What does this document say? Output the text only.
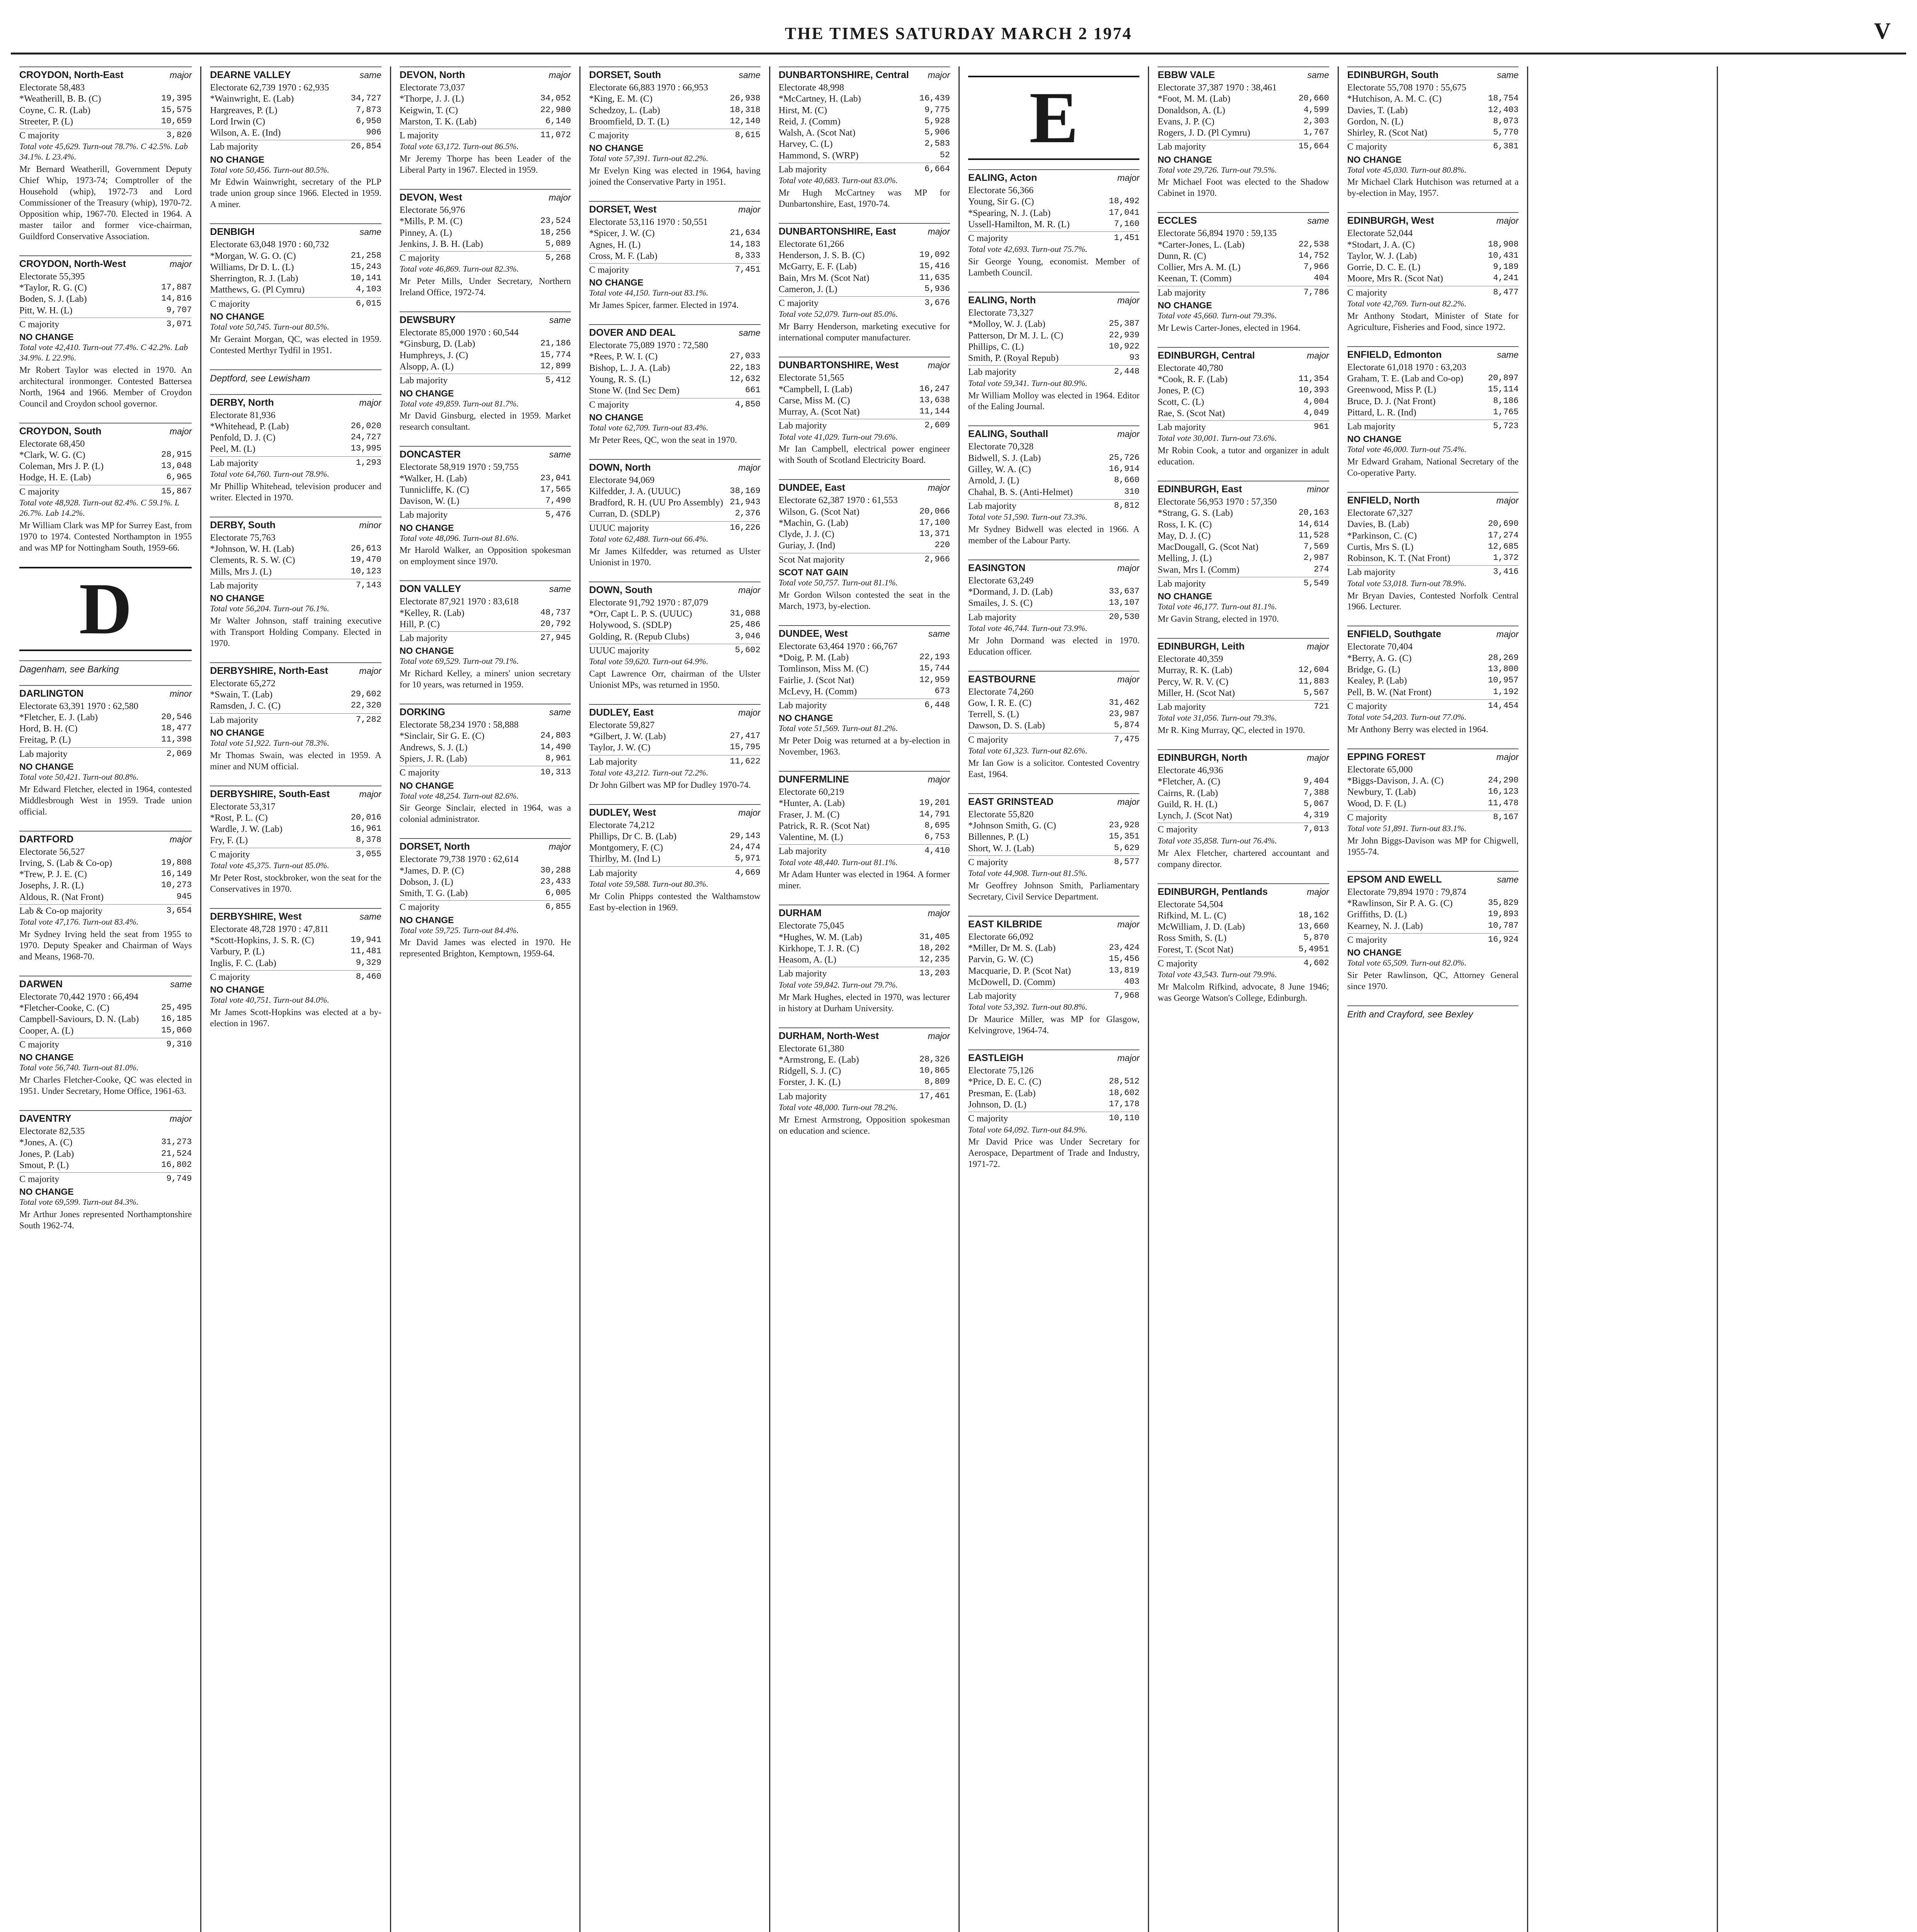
THE TIMES SATURDAY MARCH 2 1974	V
CROYDON, North-East	major
Electorate 58,483
*Weatherill, B. B. (C)	19,395
Coyne, C. R. (Lab)	15,575
Streeter, P. (L)	10,659
C majority	3,820
Total vote 45,629. Turn-out 78.7%. C 42.5%. Lab 34.1%. L 23.4%.
Mr Bernard Weatherill, Government Deputy Chief Whip, 1973-74; Comptroller of the Household (whip), 1972-73 and Lord Commissioner of the Treasury (whip), 1970-72. Opposition whip, 1967-70. Elected in 1964. A master tailor and former vice-chairman, Guildford Conservative Association.
CROYDON, North-West	major
Electorate 55,395
*Taylor, R. G. (C)	17,887
Boden, S. J. (Lab)	14,816
Pitt, W. H. (L)	9,707
C majority	3,071
NO CHANGE
Total vote 42,410. Turn-out 77.4%. C 42.2%. Lab 34.9%. L 22.9%.
Mr Robert Taylor was elected in 1970. An architectural ironmonger. Contested Battersea North, 1964 and 1966. Member of Croydon Council and Croydon school governor.
CROYDON, South	major
Electorate 68,450
*Clark, W. G. (C)	28,915
Coleman, Mrs J. P. (L)	13,048
Hodge, H. E. (Lab)	6,965
C majority	15,867
Total vote 48,928. Turn-out 82.4%. C 59.1%. L 26.7%. Lab 14.2%.
Mr William Clark was MP for Surrey East, from 1970 to 1974. Contested Northampton in 1955 and was MP for Nottingham South, 1959-66.
D
Dagenham, see Barking
DARLINGTON	minor
Electorate 63,391 1970 : 62,580
*Fletcher, E. J. (Lab)	20,546
Hord, B. H. (C)	18,477
Freitag, P. (L)	11,398
Lab majority	2,069
NO CHANGE
Total vote 50,421. Turn-out 80.8%.
Mr Edward Fletcher, elected in 1964, contested Middlesbrough West in 1959. Trade union official.
DARTFORD	major
Electorate 56,527
Irving, S. (Lab & Co-op)	19,808
*Trew, P. J. E. (C)	16,149
Josephs, J. R. (L)	10,273
Aldous, R. (Nat Front)	945
Lab & Co-op majority	3,654
Total vote 47,176. Turn-out 83.4%.
Mr Sydney Irving held the seat from 1955 to 1970. Deputy Speaker and Chairman of Ways and Means, 1968-70.
DARWEN	same
Electorate 70,442 1970 : 66,494
*Fletcher-Cooke, C. (C)	25,495
Campbell-Saviours, D. N. (Lab)	16,185
Cooper, A. (L)	15,060
C majority	9,310
NO CHANGE
Total vote 56,740. Turn-out 81.0%.
Mr Charles Fletcher-Cooke, QC was elected in 1951. Under Secretary, Home Office, 1961-63.
DAVENTRY	major
Electorate 82,535
*Jones, A. (C)	31,273
Jones, P. (Lab)	21,524
Smout, P. (L)	16,802
C majority	9,749
NO CHANGE
Total vote 69,599. Turn-out 84.3%.
Mr Arthur Jones represented Northamptonshire South 1962-74.
DEARNE VALLEY	same
Electorate 62,739 1970 : 62,935
*Wainwright, E. (Lab)	34,727
Hargreaves, P. (L)	7,873
Lord Irwin (C)	6,950
Wilson, A. E. (Ind)	906
Lab majority	26,854
NO CHANGE
Total vote 50,456. Turn-out 80.5%.
Mr Edwin Wainwright, secretary of the PLP trade union group since 1966. Elected in 1959. A miner.
DENBIGH	same
Electorate 63,048 1970 : 60,732
*Morgan, W. G. O. (C)	21,258
Williams, Dr D. L. (L)	15,243
Sherrington, R. J. (Lab)	10,141
Matthews, G. (Pl Cymru)	4,103
C majority	6,015
NO CHANGE
Total vote 50,745. Turn-out 80.5%.
Mr Geraint Morgan, QC, was elected in 1959. Contested Merthyr Tydfil in 1951.
Deptford, see Lewisham
DERBY, North	major
Electorate 81,936
*Whitehead, P. (Lab)	26,020
Penfold, D. J. (C)	24,727
Peel, M. (L)	13,995
Lab majority	1,293
Total vote 64,760. Turn-out 78.9%.
Mr Phillip Whitehead, television producer and writer. Elected in 1970.
DERBY, South	minor
Electorate 75,763
*Johnson, W. H. (Lab)	26,613
Clements, R. S. W. (C)	19,470
Mills, Mrs J. (L)	10,123
Lab majority	7,143
NO CHANGE
Total vote 56,204. Turn-out 76.1%.
Mr Walter Johnson, staff training executive with Transport Holding Company. Elected in 1970.
DERBYSHIRE, North-East	major
Electorate 65,272
*Swain, T. (Lab)	29,602
Ramsden, J. C. (C)	22,320
Lab majority	7,282
NO CHANGE
Total vote 51,922. Turn-out 78.3%.
Mr Thomas Swain, was elected in 1959. A miner and NUM official.
DERBYSHIRE, South-East	major
Electorate 53,317
*Rost, P. L. (C)	20,016
Wardle, J. W. (Lab)	16,961
Fry, F. (L)	8,378
C majority	3,055
Total vote 45,375. Turn-out 85.0%.
Mr Peter Rost, stockbroker, won the seat for the Conservatives in 1970.
DERBYSHIRE, West	same
Electorate 48,728 1970 : 47,811
*Scott-Hopkins, J. S. R. (C)	19,941
Varbury, P. (L)	11,481
Inglis, F. C. (Lab)	9,329
C majority	8,460
NO CHANGE
Total vote 40,751. Turn-out 84.0%.
Mr James Scott-Hopkins was elected at a by-election in 1967.
DEVON, North	major
Electorate 73,037
*Thorpe, J. J. (L)	34,052
Keigwin, T. (C)	22,980
Marston, T. K. (Lab)	6,140
L majority	11,072
Total vote 63,172. Turn-out 86.5%.
Mr Jeremy Thorpe has been Leader of the Liberal Party in 1967. Elected in 1959.
DEVON, West	major
Electorate 56,976
*Mills, P. M. (C)	23,524
Pinney, A. (L)	18,256
Jenkins, J. B. H. (Lab)	5,089
C majority	5,268
Total vote 46,869. Turn-out 82.3%.
Mr Peter Mills, Under Secretary, Northern Ireland Office, 1972-74.
DEWSBURY	same
Electorate 85,000 1970 : 60,544
*Ginsburg, D. (Lab)	21,186
Humphreys, J. (C)	15,774
Alsopp, A. (L)	12,899
Lab majority	5,412
NO CHANGE
Total vote 49,859. Turn-out 81.7%.
Mr David Ginsburg, elected in 1959. Market research consultant.
DONCASTER	same
Electorate 58,919 1970 : 59,755
*Walker, H. (Lab)	23,041
Tunnicliffe, K. (C)	17,565
Davison, W. (L)	7,490
Lab majority	5,476
NO CHANGE
Total vote 48,096. Turn-out 81.6%.
Mr Harold Walker, an Opposition spokesman on employment since 1970.
DON VALLEY	same
Electorate 87,921 1970 : 83,618
*Kelley, R. (Lab)	48,737
Hill, P. (C)	20,792
Lab majority	27,945
NO CHANGE
Total vote 69,529. Turn-out 79.1%.
Mr Richard Kelley, a miners' union secretary for 10 years, was returned in 1959.
DORKING	same
Electorate 58,234 1970 : 58,888
*Sinclair, Sir G. E. (C)	24,803
Andrews, S. J. (L)	14,490
Spiers, J. R. (Lab)	8,961
C majority	10,313
NO CHANGE
Total vote 48,254. Turn-out 82.6%.
Sir George Sinclair, elected in 1964, was a colonial administrator.
DORSET, North	major
Electorate 79,738 1970 : 62,614
*James, D. P. (C)	30,288
Dobson, J. (L)	23,433
Smith, T. G. (Lab)	6,005
C majority	6,855
NO CHANGE
Total vote 59,725. Turn-out 84.4%.
Mr David James was elected in 1970. He represented Brighton, Kemptown, 1959-64.
DORSET, South	same
Electorate 66,883 1970 : 66,953
*King, E. M. (C)	26,938
Schedzoy, L. (Lab)	18,318
Broomfield, D. T. (L)	12,140
C majority	8,615
NO CHANGE
Total vote 57,391. Turn-out 82.2%.
Mr Evelyn King was elected in 1964, having joined the Conservative Party in 1951.
DORSET, West	major
Electorate 53,116 1970 : 50,551
*Spicer, J. W. (C)	21,634
Agnes, H. (L)	14,183
Cross, M. F. (Lab)	8,333
C majority	7,451
NO CHANGE
Total vote 44,150. Turn-out 83.1%.
Mr James Spicer, farmer. Elected in 1974.
DOVER AND DEAL	same
Electorate 75,089 1970 : 72,580
*Rees, P. W. I. (C)	27,033
Bishop, L. J. A. (Lab)	22,183
Young, R. S. (L)	12,632
Stone W. (Ind Sec Dem)	661
C majority	4,850
NO CHANGE
Total vote 62,709. Turn-out 83.4%.
Mr Peter Rees, QC, won the seat in 1970.
DOWN, North	major
Electorate 94,069
Kilfedder, J. A. (UUUC)	38,169
Bradford, R. H. (UU Pro Assembly) 21,943
Curran, D. (SDLP)	2,376
UUUC majority	16,226
Total vote 62,488. Turn-out 66.4%.
Mr James Kilfedder, was returned as Ulster Unionist in 1970.
DOWN, South	major
Electorate 91,792 1970 : 87,079
*Orr, Capt L. P. S. (UUUC)	31,088
Holywood, S. (SDLP)	25,486
Golding, R. (Repub Clubs)	3,046
UUUC majority	5,602
Total vote 59,620. Turn-out 64.9%.
Capt Lawrence Orr, chairman of the Ulster Unionist MPs, was returned in 1950.
DUDLEY, East	major
Electorate 59,827
*Gilbert, J. W. (Lab)	27,417
Taylor, J. W. (C)	15,795
Lab majority	11,622
Total vote 43,212. Turn-out 72.2%.
Dr John Gilbert was MP for Dudley 1970-74.
DUDLEY, West	major
Electorate 74,212
Phillips, Dr C. B. (Lab)	29,143
Montgomery, F. (C)	24,474
Thirlby, M. (Ind L)	5,971
Lab majority	4,669
Total vote 59,588. Turn-out 80.3%.
Mr Colin Phipps contested the Walthamstow East by-election in 1969.
DUNBARTONSHIRE, Central major
Electorate 48,998
*McCartney, H. (Lab)	16,439
Hirst, M. (C)	9,775
Reid, J. (Comm)	5,928
Walsh, A. (Scot Nat)	5,906
Harvey, C. (L)	2,583
Hammond, S. (WRP)	52
Lab majority	6,664
Total vote 40,683. Turn-out 83.0%.
Mr Hugh McCartney was MP for Dunbartonshire, East, 1970-74.
DUNBARTONSHIRE, East	major
Electorate 61,266
Henderson, J. S. B. (C)	19,092
McGarry, E. F. (Lab)	15,416
Bain, Mrs M. (Scot Nat)	11,635
Cameron, J. (L)	5,936
C majority	3,676
Total vote 52,079. Turn-out 85.0%.
Mr Barry Henderson, marketing executive for international computer manufacturer.
DUNBARTONSHIRE, West	major
Electorate 51,565
*Campbell, I. (Lab)	16,247
Carse, Miss M. (C)	13,638
Murray, A. (Scot Nat)	11,144
Lab majority	2,609
Total vote 41,029. Turn-out 79.6%.
Mr Ian Campbell, electrical power engineer with South of Scotland Electricity Board.
DUNDEE, East	major
Electorate 62,387 1970 : 61,553
Wilson, G. (Scot Nat)	20,066
*Machin, G. (Lab)	17,100
Clyde, J. J. (C)	13,371
Guriay, J. (Ind)	220
Scot Nat majority	2,966
SCOT NAT GAIN
Total vote 50,757. Turn-out 81.1%.
Mr Gordon Wilson contested the seat in the March, 1973, by-election.
DUNDEE, West	same
Electorate 63,464 1970 : 66,767
*Doig, P. M. (Lab)	22,193
Tomlinson, Miss M. (C)	15,744
Fairlie, J. (Scot Nat)	12,959
McLevy, H. (Comm)	673
Lab majority	6,448
NO CHANGE
Total vote 51,569. Turn-out 81.2%.
Mr Peter Doig was returned at a by-election in November, 1963.
DUNFERMLINE	major
Electorate 60,219
*Hunter, A. (Lab)	19,201
Fraser, J. M. (C)	14,791
Patrick, R. R. (Scot Nat)	8,695
Valentine, M. (L)	6,753
Lab majority	4,410
Total vote 48,440. Turn-out 81.1%.
Mr Adam Hunter was elected in 1964. A former miner.
DURHAM	major
Electorate 75,045
*Hughes, W. M. (Lab)	31,405
Kirkhope, T. J. R. (C)	18,202
Heasom, A. (L)	12,235
Lab majority	13,203
Total vote 59,842. Turn-out 79.7%.
Mr Mark Hughes, elected in 1970, was lecturer in history at Durham University.
DURHAM, North-West	major
Electorate 61,380
*Armstrong, E. (Lab)	28,326
Ridgell, S. J. (C)	10,865
Forster, J. K. (L)	8,809
Lab majority	17,461
Total vote 48,000. Turn-out 78.2%.
Mr Ernest Armstrong, Opposition spokesman on education and science.
E
EALING, Acton	major
Electorate 56,366
Young, Sir G. (C)	18,492
*Spearing, N. J. (Lab)	17,041
Ussell-Hamilton, M. R. (L)	7,160
C majority	1,451
Total vote 42,693. Turn-out 75.7%.
Sir George Young, economist. Member of Lambeth Council.
EALING, North	major
Electorate 73,327
*Molloy, W. J. (Lab)	25,387
Patterson, Dr M. J. L. (C)	22,939
Phillips, C. (L)	10,922
Smith, P. (Royal Repub)	93
Lab majority	2,448
Total vote 59,341. Turn-out 80.9%.
Mr William Molloy was elected in 1964. Editor of the Ealing Journal.
EALING, Southall	major
Electorate 70,328
Bidwell, S. J. (Lab)	25,726
Gilley, W. A. (C)	16,914
Arnold, J. (L)	8,660
Chahal, B. S. (Anti-Helmet)	310
Lab majority	8,812
Total vote 51,590. Turn-out 73.3%.
Mr Sydney Bidwell was elected in 1966. A member of the Labour Party.
EASINGTON	major
Electorate 63,249
*Dormand, J. D. (Lab)	33,637
Smailes, J. S. (C)	13,107
Lab majority	20,530
Total vote 46,744. Turn-out 73.9%.
Mr John Dormand was elected in 1970. Education officer.
EASTBOURNE	major
Electorate 74,260
Gow, I. R. E. (C)	31,462
Terrell, S. (L)	23,987
Dawson, D. S. (Lab)	5,874
C majority	7,475
Total vote 61,323. Turn-out 82.6%.
Mr Ian Gow is a solicitor. Contested Coventry East, 1964.
EAST GRINSTEAD	major
Electorate 55,820
*Johnson Smith, G. (C)	23,928
Billennes, P. (L)	15,351
Short, W. J. (Lab)	5,629
C majority	8,577
Total vote 44,908. Turn-out 81.5%.
Mr Geoffrey Johnson Smith, Parliamentary Secretary, Civil Service Department.
EAST KILBRIDE	major
Electorate 66,092
*Miller, Dr M. S. (Lab)	23,424
Parvin, G. W. (C)	15,456
Macquarie, D. P. (Scot Nat)	13,819
McDowell, D. (Comm)	403
Lab majority	7,968
Total vote 53,392. Turn-out 80.8%.
Dr Maurice Miller, was MP for Glasgow, Kelvingrove, 1964-74.
EASTLEIGH	major
Electorate 75,126
*Price, D. E. C. (C)	28,512
Presman, E. (Lab)	18,602
Johnson, D. (L)	17,178
C majority	10,110
Total vote 64,092. Turn-out 84.9%.
Mr David Price was Under Secretary for Aerospace, Department of Trade and Industry, 1971-72.
EBBW VALE	same
Electorate 37,387 1970 : 38,461
*Foot, M. M. (Lab)	20,660
Donaldson, A. (L)	4,599
Evans, J. P. (C)	2,303
Rogers, J. D. (Pl Cymru)	1,767
Lab majority	15,664
NO CHANGE
Total vote 29,726. Turn-out 79.5%.
Mr Michael Foot was elected to the Shadow Cabinet in 1970.
ECCLES	same
Electorate 56,894 1970 : 59,135
*Carter-Jones, L. (Lab)	22,538
Dunn, R. (C)	14,752
Collier, Mrs A. M. (L)	7,966
Keenan, T. (Comm)	404
Lab majority	7,786
NO CHANGE
Total vote 45,660. Turn-out 79.3%.
Mr Lewis Carter-Jones, elected in 1964.
EDINBURGH, Central	major
Electorate 40,780
*Cook, R. F. (Lab)	11,354
Jones, P. (C)	10,393
Scott, C. (L)	4,004
Rae, S. (Scot Nat)	4,049
Lab majority	961
Total vote 30,001. Turn-out 73.6%.
Mr Robin Cook, a tutor and organizer in adult education.
EDINBURGH, East	minor
Electorate 56,953 1970 : 57,350
*Strang, G. S. (Lab)	20,163
Ross, I. K. (C)	14,614
May, D. J. (C)	11,528
MacDougall, G. (Scot Nat)	7,569
Melling, J. (L)	2,987
Swan, Mrs I. (Comm)	274
Lab majority	5,549
NO CHANGE
Total vote 46,177. Turn-out 81.1%.
Mr Gavin Strang, elected in 1970.
EDINBURGH, Leith	major
Electorate 40,359
Murray, R. K. (Lab)	12,604
Percy, W. R. V. (C)	11,883
Miller, H. (Scot Nat)	5,567
Lab majority	721
Total vote 31,056. Turn-out 79.3%.
Mr R. King Murray, QC, elected in 1970.
EDINBURGH, North	major
Electorate 46,936
*Fletcher, A. (C)	9,404
Cairns, R. (Lab)	7,388
Guild, R. H. (L)	5,067
Lynch, J. (Scot Nat)	4,319
C majority	7,013
Total vote 35,858. Turn-out 76.4%.
Mr Alex Fletcher, chartered accountant and company director.
EDINBURGH, Pentlands	major
Electorate 54,504
Rifkind, M. L. (C)	18,162
McWilliam, J. D. (Lab)	13,660
Ross Smith, S. (L)	5,870
Forest, T. (Scot Nat)	5,4951
C majority	4,602
Total vote 43,543. Turn-out 79.9%.
Mr Malcolm Rifkind, advocate, 8 June 1946; was George Watson's College, Edinburgh.
EDINBURGH, South	same
Electorate 55,708 1970 : 55,675
*Hutchison, A. M. C. (C)	18,754
Davies, T. (Lab)	12,403
Gordon, N. (L)	8,073
Shirley, R. (Scot Nat)	5,770
C majority	6,381
NO CHANGE
Total vote 45,030. Turn-out 80.8%.
Mr Michael Clark Hutchison was returned at a by-election in May, 1957.
EDINBURGH, West	major
Electorate 52,044
*Stodart, J. A. (C)	18,908
Taylor, W. J. (Lab)	10,431
Gorrie, D. C. E. (L)	9,189
Moore, Mrs R. (Scot Nat)	4,241
C majority	8,477
Total vote 42,769. Turn-out 82.2%.
Mr Anthony Stodart, Minister of State for Agriculture, Fisheries and Food, since 1972.
ENFIELD, Edmonton	same
Electorate 61,018 1970 : 63,203
Graham, T. E. (Lab and Co-op)	20,897
Greenwood, Miss P. (L)	15,114
Bruce, D. J. (Nat Front)	8,186
Pittard, L. R. (Ind)	1,765
Lab majority	5,723
NO CHANGE
Total vote 46,000. Turn-out 75.4%.
Mr Edward Graham, National Secretary of the Co-operative Party.
ENFIELD, North	major
Electorate 67,327
Davies, B. (Lab)	20,690
*Parkinson, C. (C)	17,274
Curtis, Mrs S. (L)	12,685
Robinson, K. T. (Nat Front)	1,372
Lab majority	3,416
Total vote 53,018. Turn-out 78.9%.
Mr Bryan Davies, Contested Norfolk Central 1966. Lecturer.
ENFIELD, Southgate	major
Electorate 70,404
*Berry, A. G. (C)	28,269
Bridge, G. (L)	13,800
Kealey, P. (Lab)	10,957
Pell, B. W. (Nat Front)	1,192
C majority	14,454
Total vote 54,203. Turn-out 77.0%.
Mr Anthony Berry was elected in 1964.
EPPING FOREST	major
Electorate 65,000
*Biggs-Davison, J. A. (C)	24,290
Newbury, T. (Lab)	16,123
Wood, D. F. (L)	11,478
C majority	8,167
Total vote 51,891. Turn-out 83.1%.
Mr John Biggs-Davison was MP for Chigwell, 1955-74.
EPSOM AND EWELL	same
Electorate 79,894 1970 : 79,874
*Rawlinson, Sir P. A. G. (C)	35,829
Griffiths, D. (L)	19,893
Kearney, N. J. (Lab)	10,787
C majority	16,924
NO CHANGE
Total vote 65,509. Turn-out 82.0%.
Sir Peter Rawlinson, QC, Attorney General since 1970.
Erith and Crayford, see Bexley
